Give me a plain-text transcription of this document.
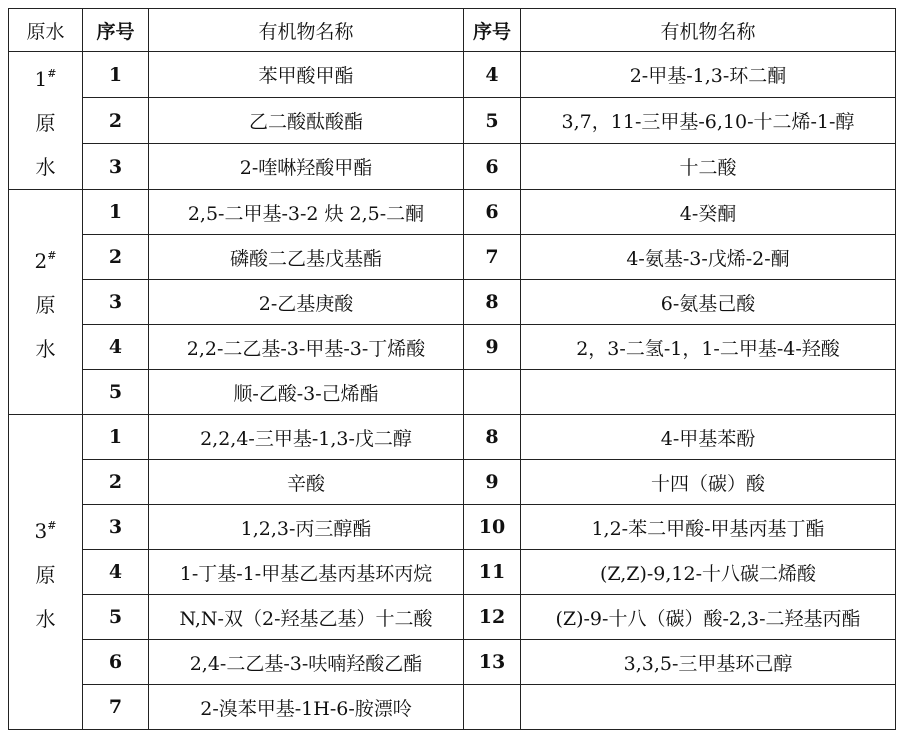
原水	序号	有机物名称	序号	有机物名称

1#
原
水	1	苯甲酸甲酯	4	2-甲基-1,3-环二酮
	2	乙二酸酞酸酯	5	3,7，11-三甲基-6,10-十二烯-1-醇
	3	2-喹啉羟酸甲酯	6	十二酸

2#
原
水	1	2,5-二甲基-3-2 炔 2,5-二酮	6	4-癸酮
	2	磷酸二乙基戊基酯	7	4-氨基-3-戊烯-2-酮
	3	2-乙基庚酸	8	6-氨基己酸
	4	2,2-二乙基-3-甲基-3-丁烯酸	9	2，3-二氢-1，1-二甲基-4-羟酸
	5	顺-乙酸-3-己烯酯		

3#
原
水	1	2,2,4-三甲基-1,3-戊二醇	8	4-甲基苯酚
	2	辛酸	9	十四（碳）酸
	3	1,2,3-丙三醇酯	10	1,2-苯二甲酸-甲基丙基丁酯
	4	1-丁基-1-甲基乙基丙基环丙烷	11	(Z,Z)-9,12-十八碳二烯酸
	5	N,N-双（2-羟基乙基）十二酸	12	(Z)-9-十八（碳）酸-2,3-二羟基丙酯
	6	2,4-二乙基-3-呋喃羟酸乙酯	13	3,3,5-三甲基环己醇
	7	2-溴苯甲基-1H-6-胺漂呤		
